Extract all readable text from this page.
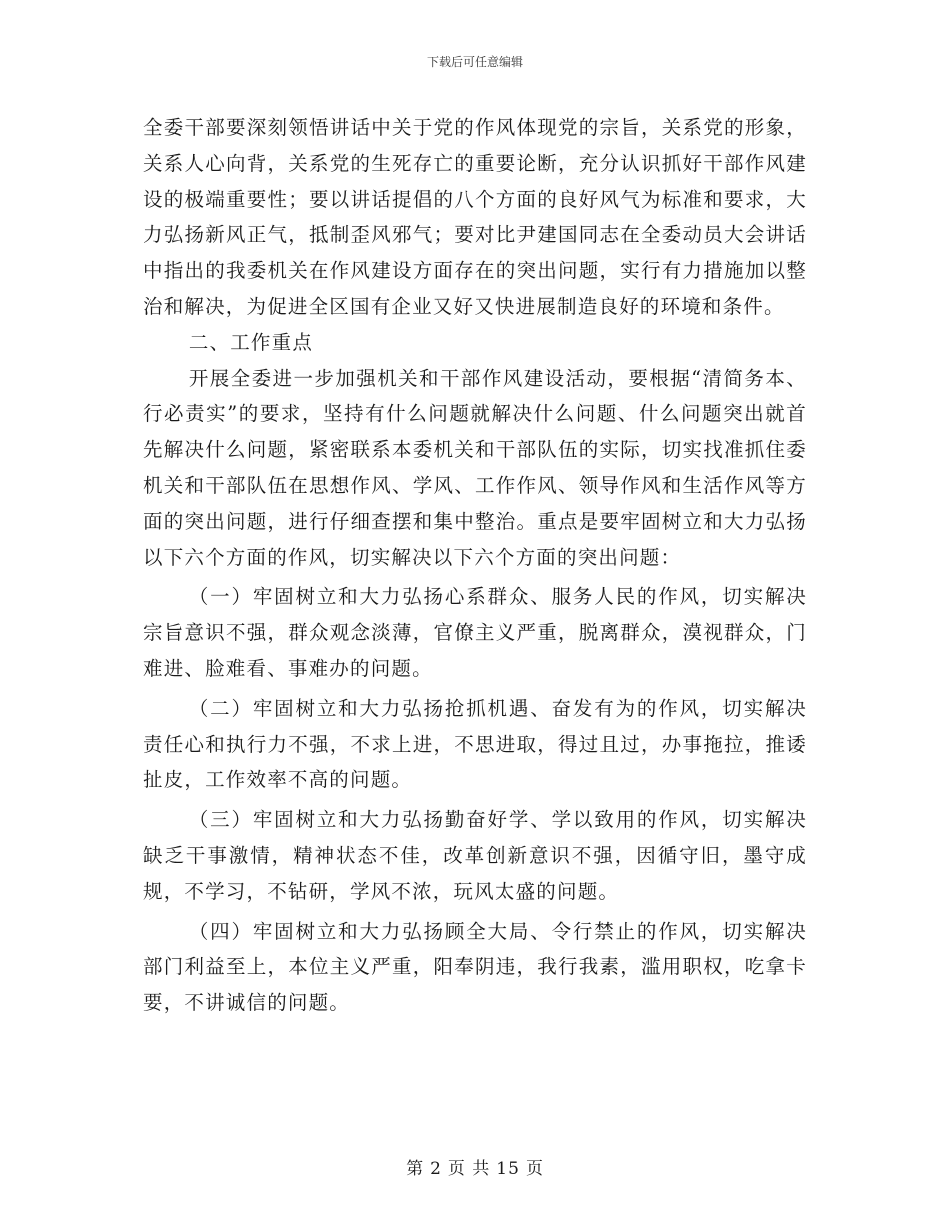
下载后可任意编辑

全委干部要深刻领悟讲话中关于党的作风体现党的宗旨，关系党的形象，关系人心向背，关系党的生死存亡的重要论断，充分认识抓好干部作风建设的极端重要性；要以讲话提倡的八个方面的良好风气为标准和要求，大力弘扬新风正气，抵制歪风邪气；要对比尹建国同志在全委动员大会讲话中指出的我委机关在作风建设方面存在的突出问题，实行有力措施加以整治和解决，为促进全区国有企业又好又快进展制造良好的环境和条件。

二、工作重点

开展全委进一步加强机关和干部作风建设活动，要根据“清简务本、行必责实”的要求，坚持有什么问题就解决什么问题、什么问题突出就首先解决什么问题，紧密联系本委机关和干部队伍的实际，切实找准抓住委机关和干部队伍在思想作风、学风、工作作风、领导作风和生活作风等方面的突出问题，进行仔细查摆和集中整治。重点是要牢固树立和大力弘扬以下六个方面的作风，切实解决以下六个方面的突出问题：

（一）牢固树立和大力弘扬心系群众、服务人民的作风，切实解决宗旨意识不强，群众观念淡薄，官僚主义严重，脱离群众，漠视群众，门难进、脸难看、事难办的问题。

（二）牢固树立和大力弘扬抢抓机遇、奋发有为的作风，切实解决责任心和执行力不强，不求上进，不思进取，得过且过，办事拖拉，推诿扯皮，工作效率不高的问题。

（三）牢固树立和大力弘扬勤奋好学、学以致用的作风，切实解决缺乏干事激情，精神状态不佳，改革创新意识不强，因循守旧，墨守成规，不学习，不钻研，学风不浓，玩风太盛的问题。

（四）牢固树立和大力弘扬顾全大局、令行禁止的作风，切实解决部门利益至上，本位主义严重，阳奉阴违，我行我素，滥用职权，吃拿卡要，不讲诚信的问题。

第 2 页 共 15 页
